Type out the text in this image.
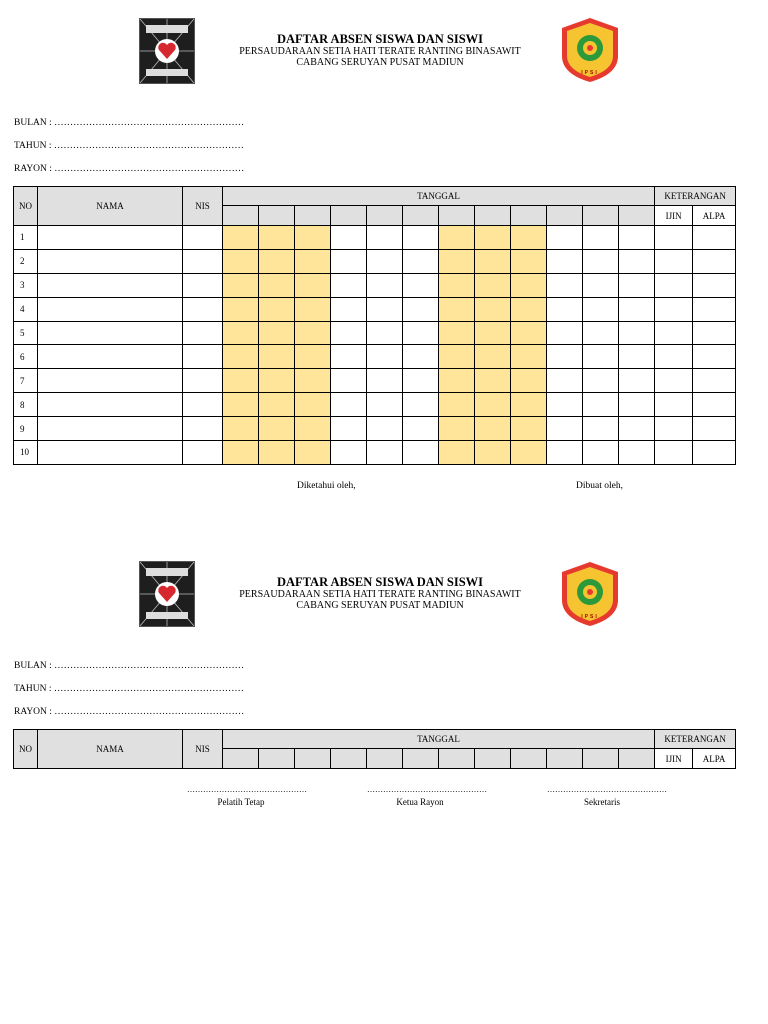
DAFTAR ABSEN SISWA DAN SISWI
PERSAUDARAAN SETIA HATI TERATE RANTING BINASAWIT
CABANG SERUYAN PUSAT MADIUN
IPSI
BULAN : ……………………………………………………
TAHUN : ……………………………………………………
RAYON : ……………………………………………………
NO	NAMA	NIS	TANGGAL												KETERANGAN	
															IJIN	ALPA
1																
2																
3																
4																
5																
6																
7																
8																
9																
10																
Diketahui oleh,	Dibuat oleh,
DAFTAR ABSEN SISWA DAN SISWI
PERSAUDARAAN SETIA HATI TERATE RANTING BINASAWIT
CABANG SERUYAN PUSAT MADIUN
IPSI
BULAN : ……………………………………………………
TAHUN : ……………………………………………………
RAYON : ……………………………………………………
NO	NAMA	NIS	TANGGAL												KETERANGAN	
															IJIN	ALPA
………………………………………	………………………………………	………………………………………
Pelatih Tetap	Ketua Rayon	Sekretaris
